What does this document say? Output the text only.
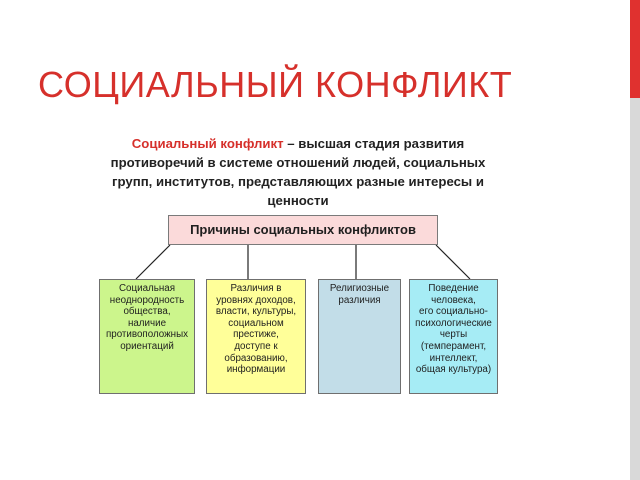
СОЦИАЛЬНЫЙ КОНФЛИКТ
Социальный конфликт – высшая стадия развития противоречий в системе отношений людей, социальных групп, институтов, представляющих разные интересы и ценности
Причины социальных конфликтов
Социальная
неоднородность
общества,
наличие
противоположных
ориентаций
Различия в
уровнях доходов,
власти, культуры,
социальном
престиже,
доступе к
образованию,
информации
Религиозные
различия
Поведение
человека,
его социально-
психологические
черты
(темперамент,
интеллект,
общая культура)
